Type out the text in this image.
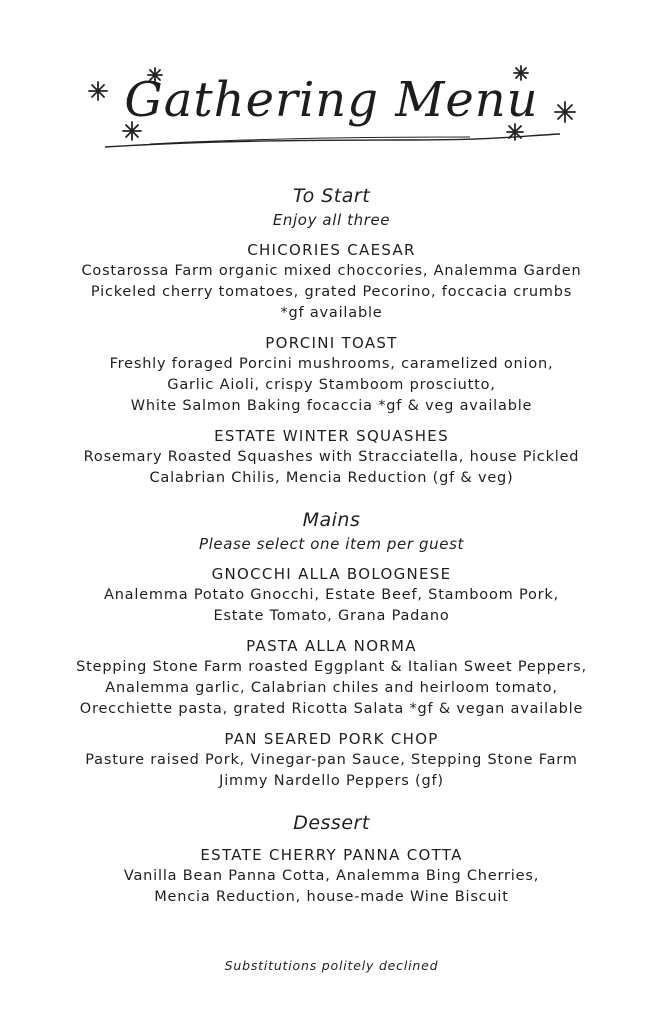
Gathering Menu
To Start
Enjoy all three
CHICORIES CAESAR
Costarossa Farm organic mixed choccories, Analemma Garden
Pickeled cherry tomatoes, grated Pecorino, foccacia crumbs
*gf available
PORCINI TOAST
Freshly foraged Porcini mushrooms, caramelized onion,
Garlic Aioli, crispy Stamboom prosciutto,
White Salmon Baking focaccia *gf & veg available
ESTATE WINTER SQUASHES
Rosemary Roasted Squashes with Stracciatella, house Pickled
Calabrian Chilis, Mencia Reduction (gf & veg)
Mains
Please select one item per guest
GNOCCHI ALLA BOLOGNESE
Analemma Potato Gnocchi, Estate Beef, Stamboom Pork,
Estate Tomato, Grana Padano
PASTA ALLA NORMA
Stepping Stone Farm roasted Eggplant & Italian Sweet Peppers,
Analemma garlic, Calabrian chiles and heirloom tomato,
Orecchiette pasta, grated Ricotta Salata *gf & vegan available
PAN SEARED PORK CHOP
Pasture raised Pork, Vinegar-pan Sauce, Stepping Stone Farm
Jimmy Nardello Peppers (gf)
Dessert
ESTATE CHERRY PANNA COTTA
Vanilla Bean Panna Cotta, Analemma Bing Cherries,
Mencia Reduction, house-made Wine Biscuit
Substitutions politely declined
